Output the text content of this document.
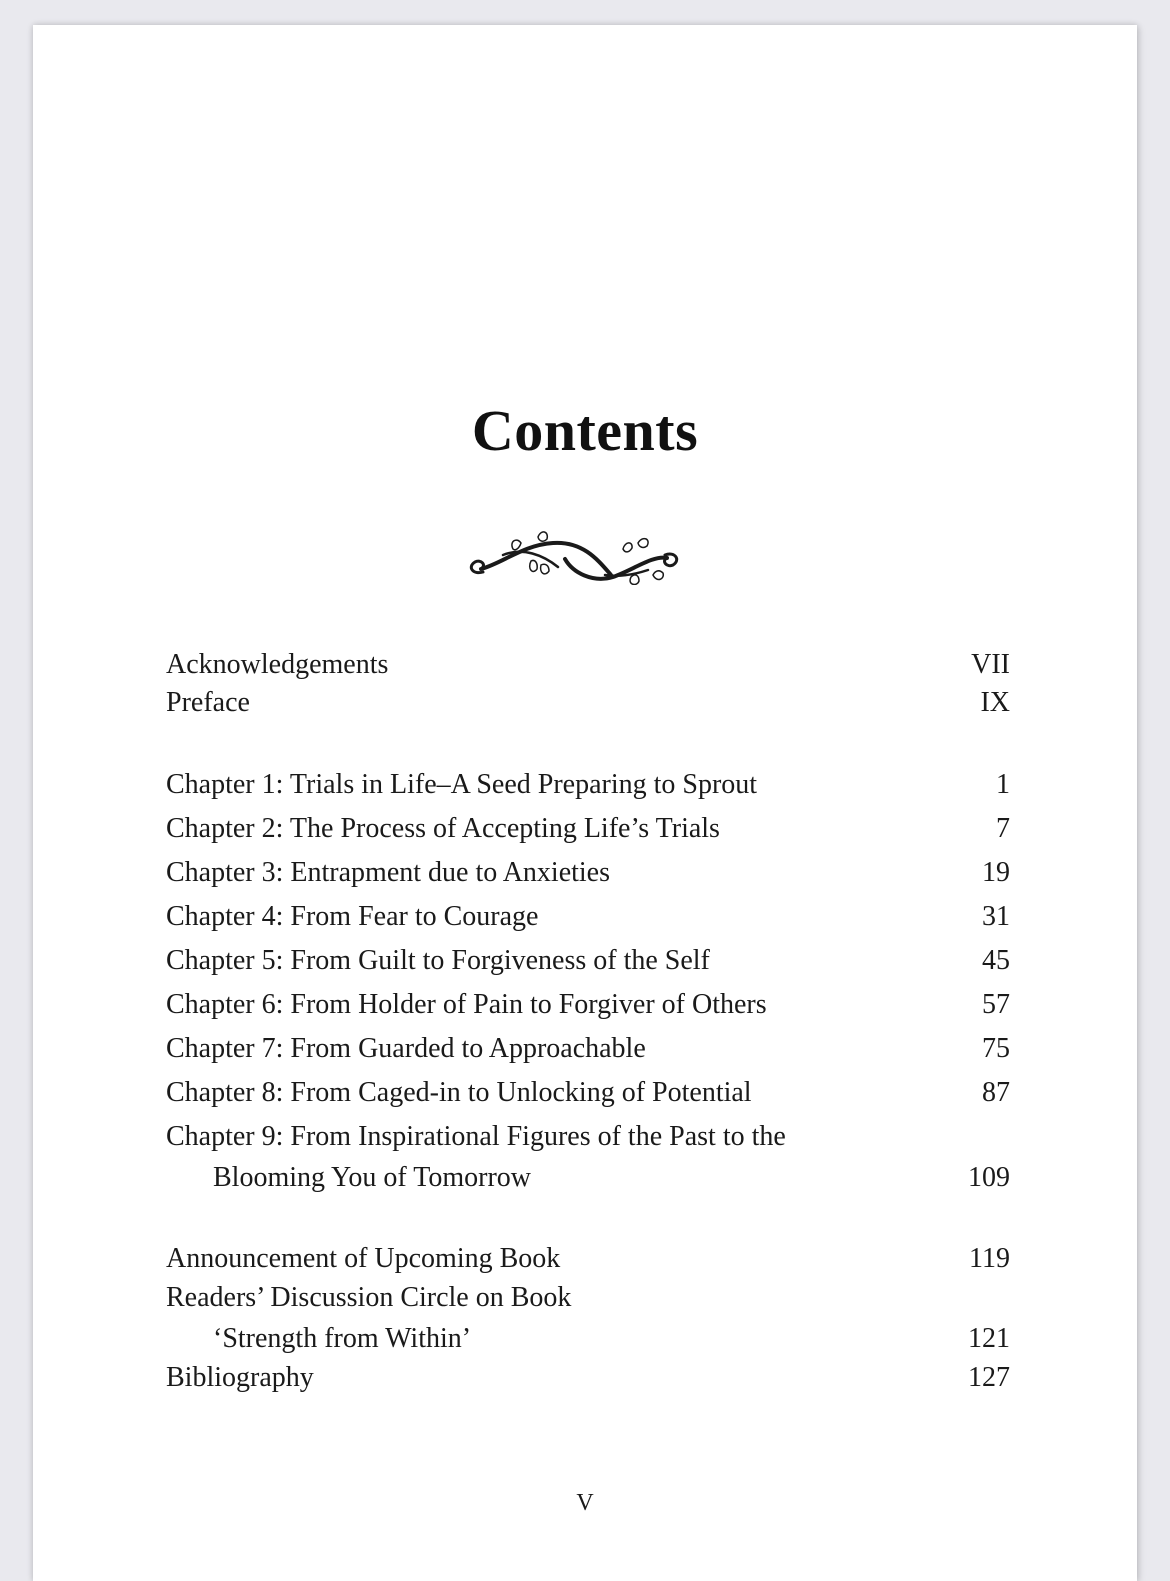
Contents
Acknowledgements	VII
Preface	IX
Chapter 1: Trials in Life–A Seed Preparing to Sprout	1
Chapter 2: The Process of Accepting Life’s Trials	7
Chapter 3: Entrapment due to Anxieties	19
Chapter 4: From Fear to Courage	31
Chapter 5: From Guilt to Forgiveness of the Self	45
Chapter 6: From Holder of Pain to Forgiver of Others	57
Chapter 7: From Guarded to Approachable	75
Chapter 8: From Caged-in to Unlocking of Potential	87
Chapter 9: From Inspirational Figures of the Past to the
Blooming You of Tomorrow	109
Announcement of Upcoming Book	119
Readers’ Discussion Circle on Book
‘Strength from Within’	121
Bibliography	127
V
